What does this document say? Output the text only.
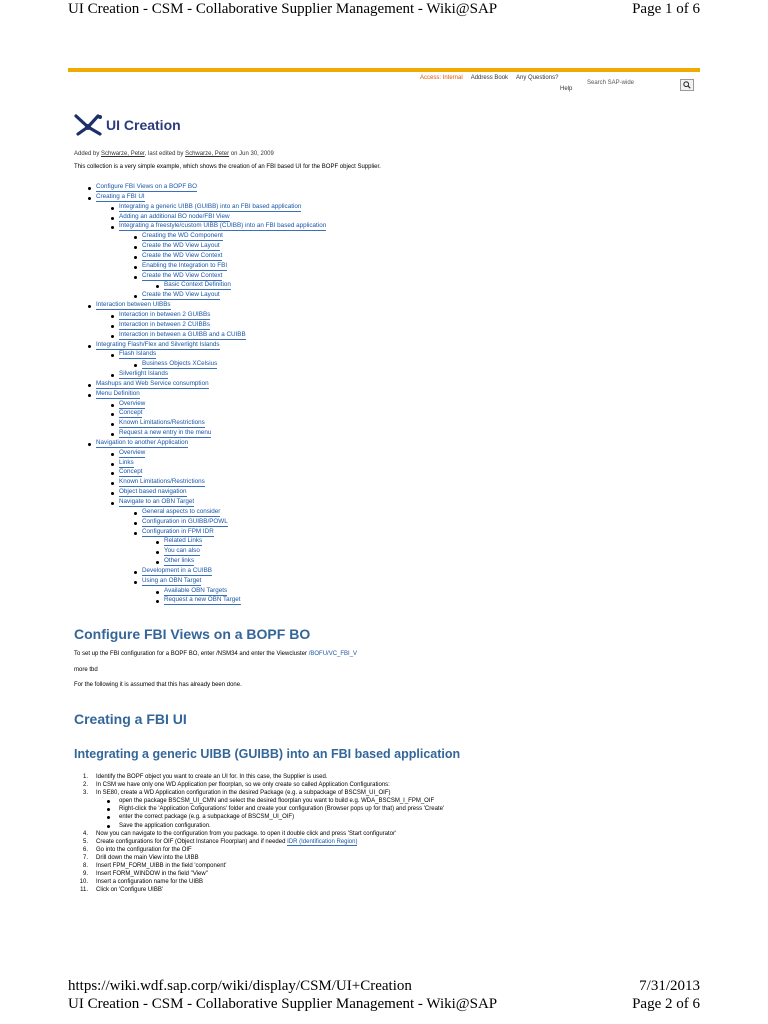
UI Creation - CSM - Collaborative Supplier Management - Wiki@SAP	Page 1 of 6
Access: Internal Address Book Any Questions?
Help
Search SAP-wide
UI Creation
Added by Schwarze, Peter, last edited by Schwarze, Peter on Jun 30, 2009
This collection is a very simple example, which shows the creation of an FBI based UI for the BOPF object Supplier.
Configure FBI Views on a BOPF BO
Creating a FBI UI
Integrating a generic UIBB (GUIBB) into an FBI based application
Adding an additional BO node/FBI View
Integrating a freestyle/custom UIBB (CUIBB) into an FBI based application
Creating the WD Component
Create the WD View Layout
Create the WD View Context
Enabling the Integration to FBI
Create the WD View Context
Basic Context Definition
Create the WD View Layout
Interaction between UIBBs
Interaction in between 2 GUIBBs
Interaction in between 2 CUIBBs
Interaction in between a GUIBB and a CUIBB
Integrating Flash/Flex and Silverlight Islands
Flash Islands
Business Objects XCelsius
Silverlight Islands
Mashups and Web Service consumption
Menu Definition
Overview
Concept
Known Limitations/Restrictions
Request a new entry in the menu
Navigation to another Application
Overview
Links
Concept
Known Limitations/Restrictions
Object based navigation
Navigate to an OBN Target
General aspects to consider
Configuration in GUIBB/POWL
Configuration in FPM IDR
Related Links
You can also
Other links
Development in a CUIBB
Using an OBN Target
Available OBN Targets
Request a new OBN Target
Configure FBI Views on a BOPF BO
To set up the FBI configuration for a BOPF BO, enter /NSM34 and enter the Viewcluster /BOFU/VC_FBI_V
more tbd
For the following it is assumed that this has already been done.
Creating a FBI UI
Integrating a generic UIBB (GUIBB) into an FBI based application
1. Identify the BOPF object you want to create an UI for. In this case, the Supplier is used.
2. In CSM we have only one WD Application per floorplan, so we only create so called Application Configurations:
3. In SE80, create a WD Application configuration in the desired Package (e.g. a subpackage of BSCSM_UI_OIF)
open the package BSCSM_UI_CMN and select the desired floorplan you want to build e.g. WDA_BSCSM_I_FPM_OIF
Right-click the 'Application Cofigurations' folder and create your configuration (Browser pops up for that) and press 'Create'
enter the correct package (e.g. a subpackage of BSCSM_UI_OIF)
Save the application configuration.
4. Now you can navigate to the configuration from you package. to open it double click and press 'Start configurator'
5. Create configurations for OIF (Object Instance Floorplan) and if needed IDR (Identification Region)
6. Go into the configuration for the OIF
7. Drill down the main View into the UIBB
8. Insert FPM_FORM_UIBB in the field 'component'
9. Insert FORM_WINDOW in the field "View"
10. Insert a configuration name for the UIBB
11. Click on 'Configure UIBB'
https://wiki.wdf.sap.corp/wiki/display/CSM/UI+Creation	7/31/2013
UI Creation - CSM - Collaborative Supplier Management - Wiki@SAP	Page 2 of 6
